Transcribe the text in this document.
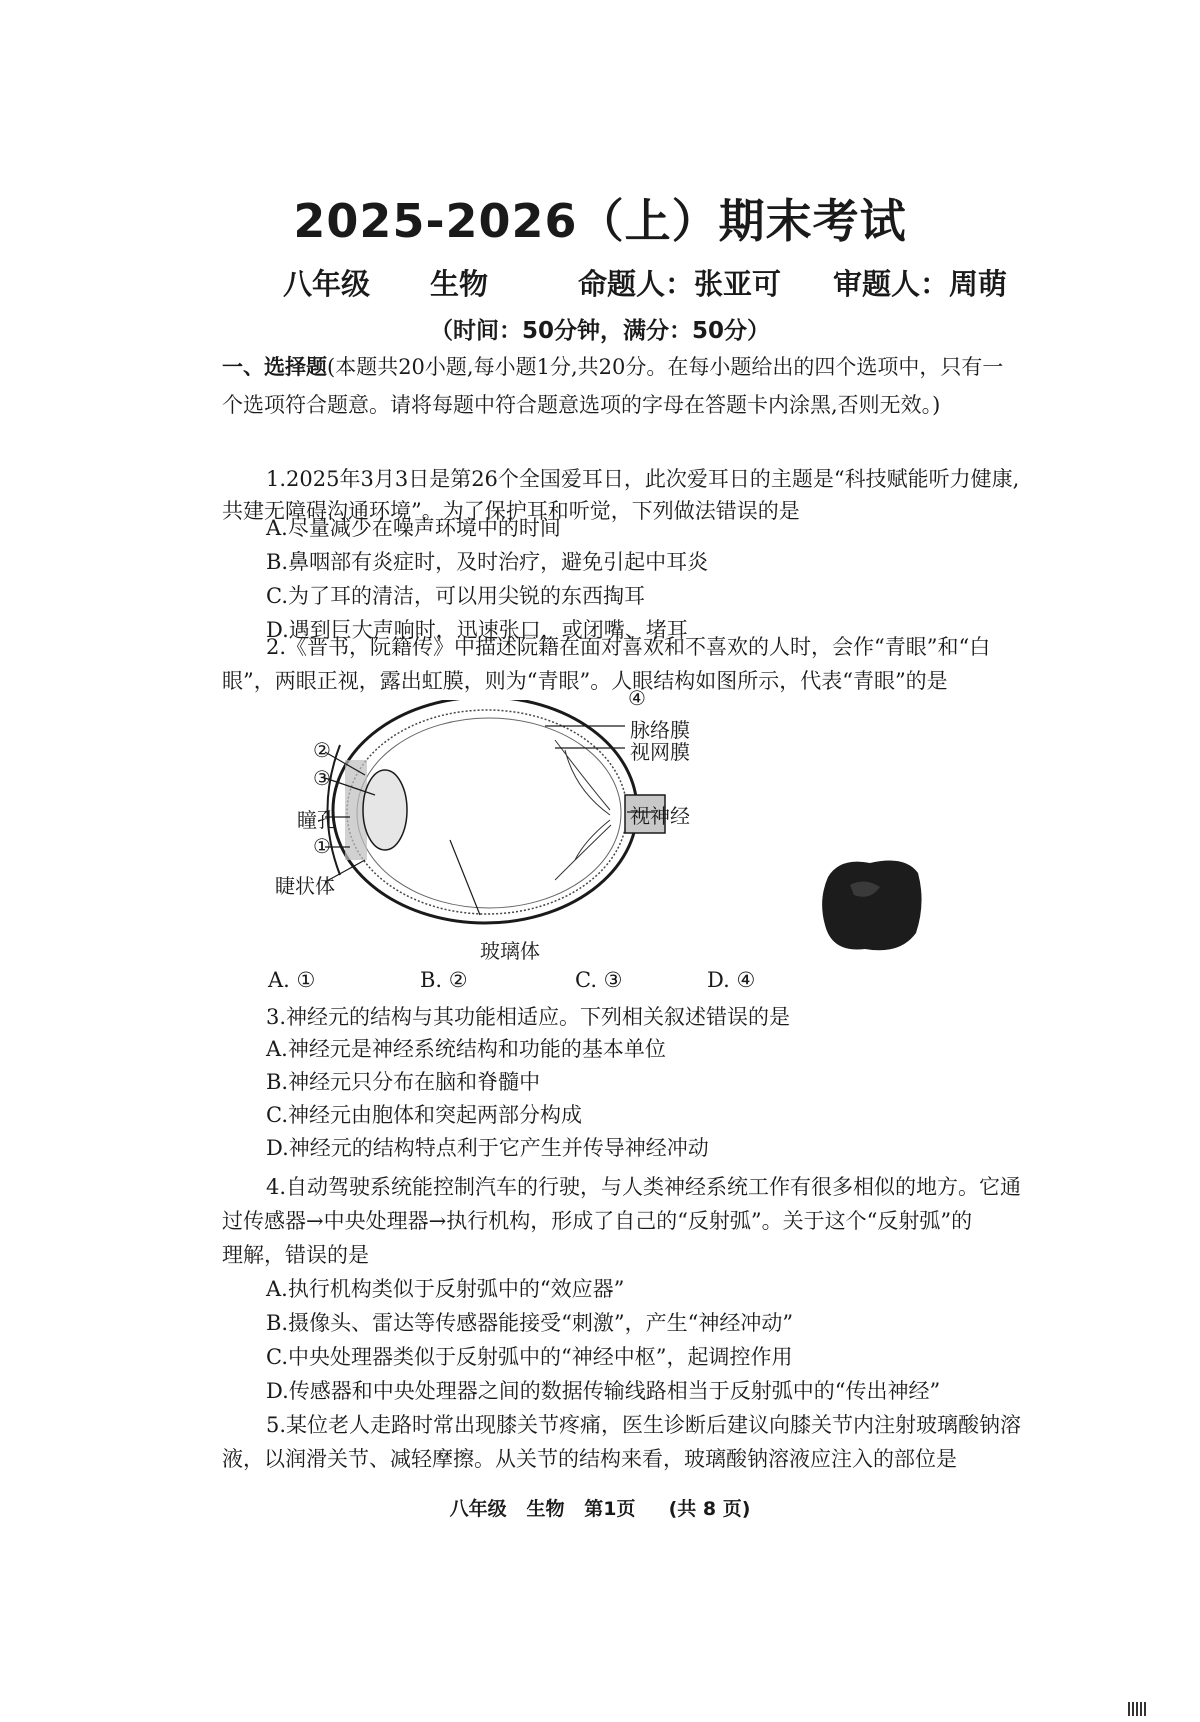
2025-2026（上）期末考试
八年级 生物	命题人：张亚可 审题人：周萌
（时间：50分钟，满分：50分）
一、选择题(本题共20小题,每小题1分,共20分。在每小题给出的四个选项中，只有一
个选项符合题意。请将每题中符合题意选项的字母在答题卡内涂黑,否则无效。)
1.2025年3月3日是第26个全国爱耳日，此次爱耳日的主题是“科技赋能听力健康,
共建无障碍沟通环境”。为了保护耳和听觉，下列做法错误的是
A.尽量减少在噪声环境中的时间
B.鼻咽部有炎症时，及时治疗，避免引起中耳炎
C.为了耳的清洁，可以用尖锐的东西掏耳
D.遇到巨大声响时，迅速张口，或闭嘴、堵耳
2.《晋书，阮籍传》中描述阮籍在面对喜欢和不喜欢的人时，会作“青眼”和“白
眼”，两眼正视，露出虹膜，则为“青眼”。人眼结构如图所示，代表“青眼”的是
④
脉络膜
视网膜
视神经
②
③
瞳孔
①
睫状体
玻璃体
A. ①	B. ②	C. ③	D. ④
3.神经元的结构与其功能相适应。下列相关叙述错误的是
A.神经元是神经系统结构和功能的基本单位
B.神经元只分布在脑和脊髓中
C.神经元由胞体和突起两部分构成
D.神经元的结构特点利于它产生并传导神经冲动
4.自动驾驶系统能控制汽车的行驶，与人类神经系统工作有很多相似的地方。它通
过传感器→中央处理器→执行机构，形成了自己的“反射弧”。关于这个“反射弧”的
理解，错误的是
A.执行机构类似于反射弧中的“效应器”
B.摄像头、雷达等传感器能接受“刺激”，产生“神经冲动”
C.中央处理器类似于反射弧中的“神经中枢”，起调控作用
D.传感器和中央处理器之间的数据传输线路相当于反射弧中的“传出神经”
5.某位老人走路时常出现膝关节疼痛，医生诊断后建议向膝关节内注射玻璃酸钠溶
液，以润滑关节、减轻摩擦。从关节的结构来看，玻璃酸钠溶液应注入的部位是
八年级   生物   第1页     (共 8 页)
